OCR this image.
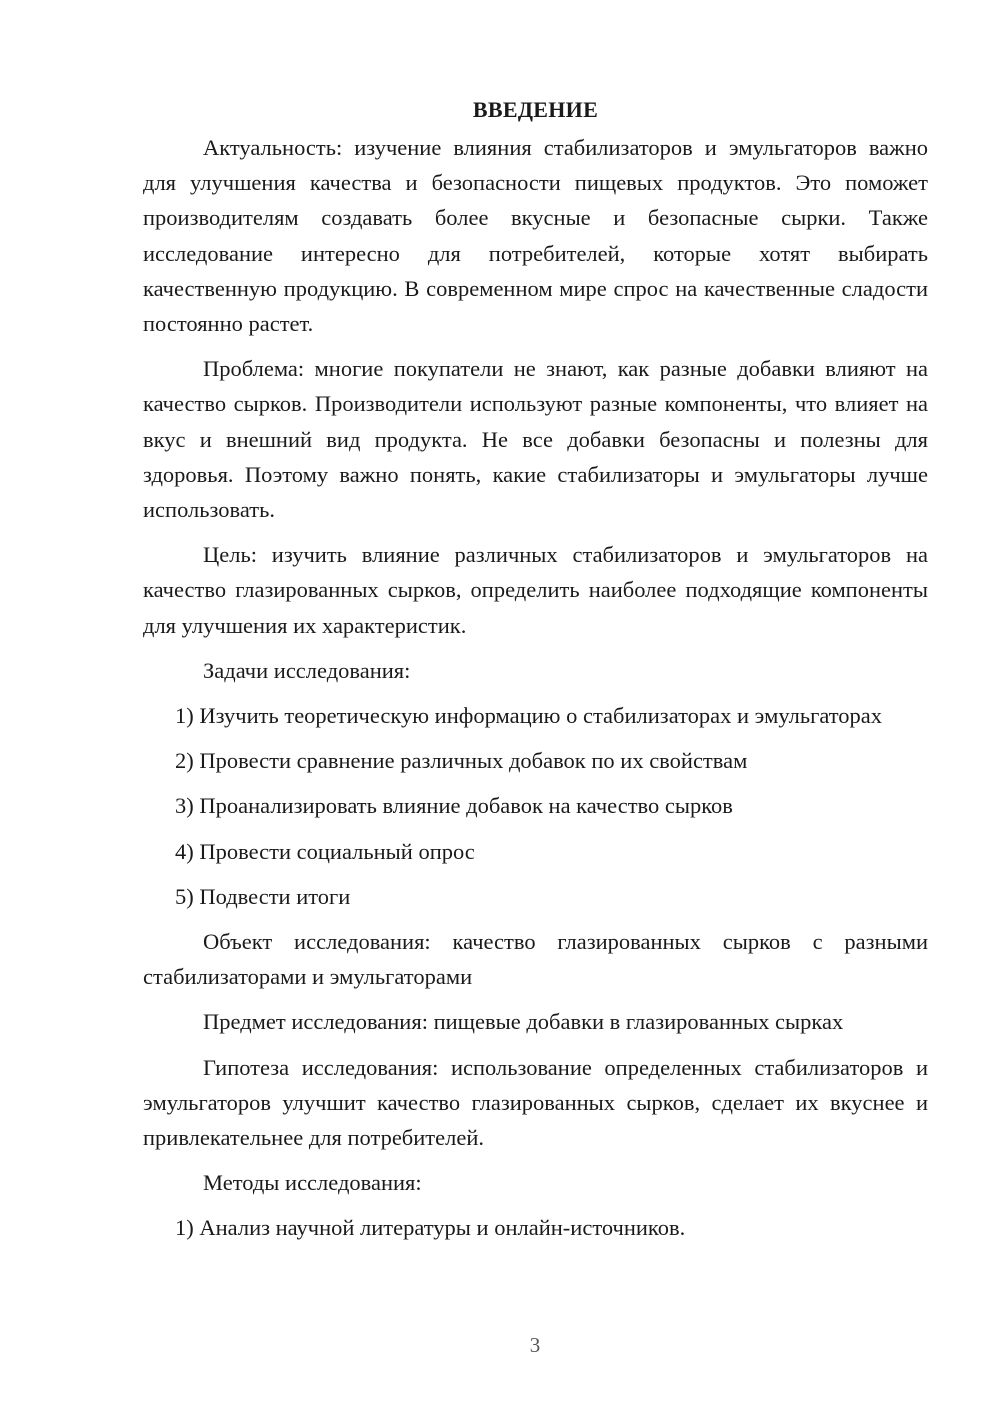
ВВЕДЕНИЕ

Актуальность: изучение влияния стабилизаторов и эмульгаторов важно для улучшения качества и безопасности пищевых продуктов. Это поможет производителям создавать более вкусные и безопасные сырки. Также исследование интересно для потребителей, которые хотят выбирать качественную продукцию. В современном мире спрос на качественные сладости постоянно растет.

Проблема: многие покупатели не знают, как разные добавки влияют на качество сырков. Производители используют разные компоненты, что влияет на вкус и внешний вид продукта. Не все добавки безопасны и полезны для здоровья. Поэтому важно понять, какие стабилизаторы и эмульгаторы лучше использовать.

Цель: изучить влияние различных стабилизаторов и эмульгаторов на качество глазированных сырков, определить наиболее подходящие компоненты для улучшения их характеристик.

Задачи исследования:

1) Изучить теоретическую информацию о стабилизаторах и эмульгаторах

2) Провести сравнение различных добавок по их свойствам

3) Проанализировать влияние добавок на качество сырков

4) Провести социальный опрос

5) Подвести итоги

Объект исследования: качество глазированных сырков с разными стабилизаторами и эмульгаторами

Предмет исследования: пищевые добавки в глазированных сырках

Гипотеза исследования: использование определенных стабилизаторов и эмульгаторов улучшит качество глазированных сырков, сделает их вкуснее и привлекательнее для потребителей.

Методы исследования:

1) Анализ научной литературы и онлайн-источников.

3
